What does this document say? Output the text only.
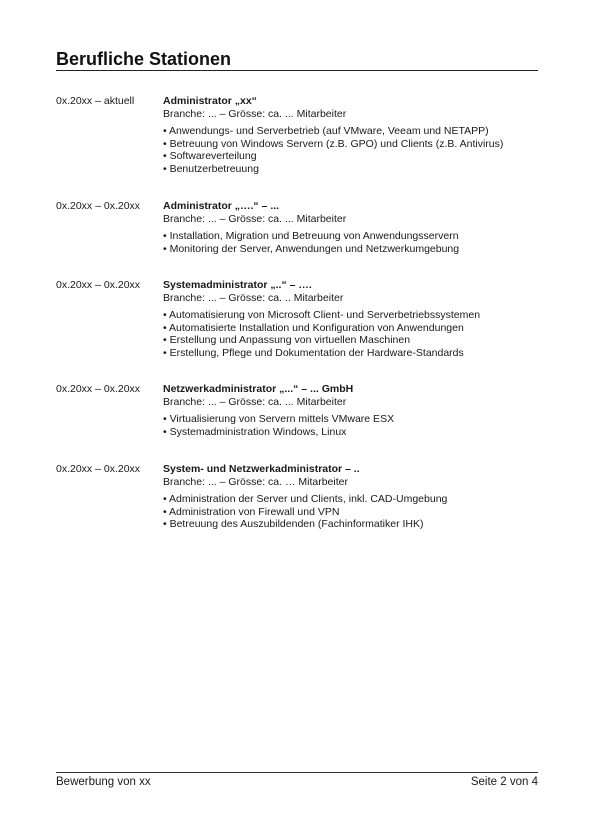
Berufliche Stationen
0x.20xx – aktuell	Administrator „xx“
Branche: ... – Grösse: ca. ... Mitarbeiter
• Anwendungs- und Serverbetrieb (auf VMware, Veeam und NETAPP)
• Betreuung von Windows Servern (z.B. GPO) und Clients (z.B. Antivirus)
• Softwareverteilung
• Benutzerbetreuung
0x.20xx – 0x.20xx	Administrator „….“ – ...
Branche: ... – Grösse: ca. ... Mitarbeiter
• Installation, Migration und Betreuung von Anwendungsservern
• Monitoring der Server, Anwendungen und Netzwerkumgebung
0x.20xx – 0x.20xx	Systemadministrator „..“ – ….
Branche: ... – Grösse: ca. .. Mitarbeiter
• Automatisierung von Microsoft Client- und Serverbetriebssystemen
• Automatisierte Installation und Konfiguration von Anwendungen
• Erstellung und Anpassung von virtuellen Maschinen
• Erstellung, Pflege und Dokumentation der Hardware-Standards
0x.20xx – 0x.20xx	Netzwerkadministrator „...“ – ... GmbH
Branche: ... – Grösse: ca. ... Mitarbeiter
• Virtualisierung von Servern mittels VMware ESX
• Systemadministration Windows, Linux
0x.20xx – 0x.20xx	System- und Netzwerkadministrator – ..
Branche: ... – Grösse: ca. … Mitarbeiter
• Administration der Server und Clients, inkl. CAD-Umgebung
• Administration von Firewall und VPN
• Betreuung des Auszubildenden (Fachinformatiker IHK)
Bewerbung von xx	Seite 2 von 4
